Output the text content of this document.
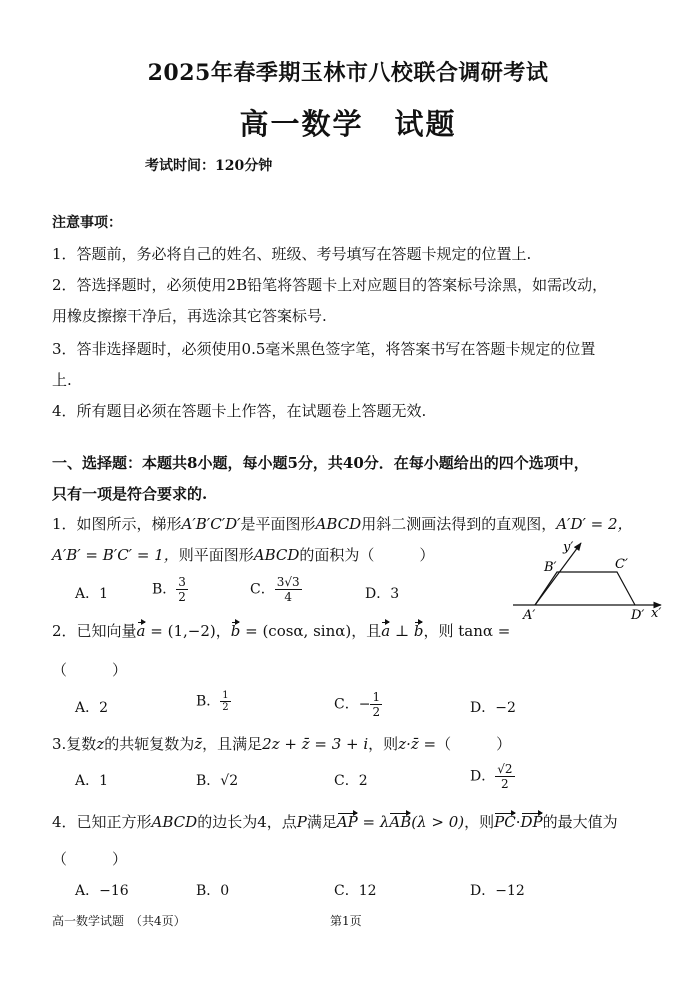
2025年春季期玉林市八校联合调研考试
高一数学　试题
考试时间：120分钟
注意事项：
1．答题前，务必将自己的姓名、班级、考号填写在答题卡规定的位置上.
2．答选择题时，必须使用2B铅笔将答题卡上对应题目的答案标号涂黑，如需改动，
用橡皮擦擦干净后，再选涂其它答案标号.
3．答非选择题时，必须使用0.5毫米黑色签字笔，将答案书写在答题卡规定的位置
上.
4．所有题目必须在答题卡上作答，在试题卷上答题无效.
一、选择题：本题共8小题，每小题5分，共40分．在每小题给出的四个选项中，
只有一项是符合要求的.
1．如图所示，梯形A′B′C′D′是平面图形ABCD用斜二测画法得到的直观图，A′D′ = 2，
A′B′ = B′C′ = 1，则平面图形ABCD的面积为（　　　）
A．1	B． $\frac{3}{2}$	C． $\frac{3√3}{4}$	D．3
y′
x′
A′
B′	C′
D′
2．已知向量a = (1,−2)，b = (cosα, sinα)，且a ⊥ b，则 tanα =
（　　　）
A．2	B． $\frac{1}{2}$	C．− $\frac{1}{2}$	D．−2
3.复数z的共轭复数为z̄，且满足2z + z̄ = 3 + i，则z·z̄ =（　　　）
A．1	B．√2	C．2	D． $\frac{√2}{2}$
4．已知正方形ABCD的边长为4，点P满足AP = λAB(λ > 0)，则PC·DP的最大值为
（　　　）
A．−16	B．0	C．12	D．−12
高一数学试题　（共4页）	第1页
